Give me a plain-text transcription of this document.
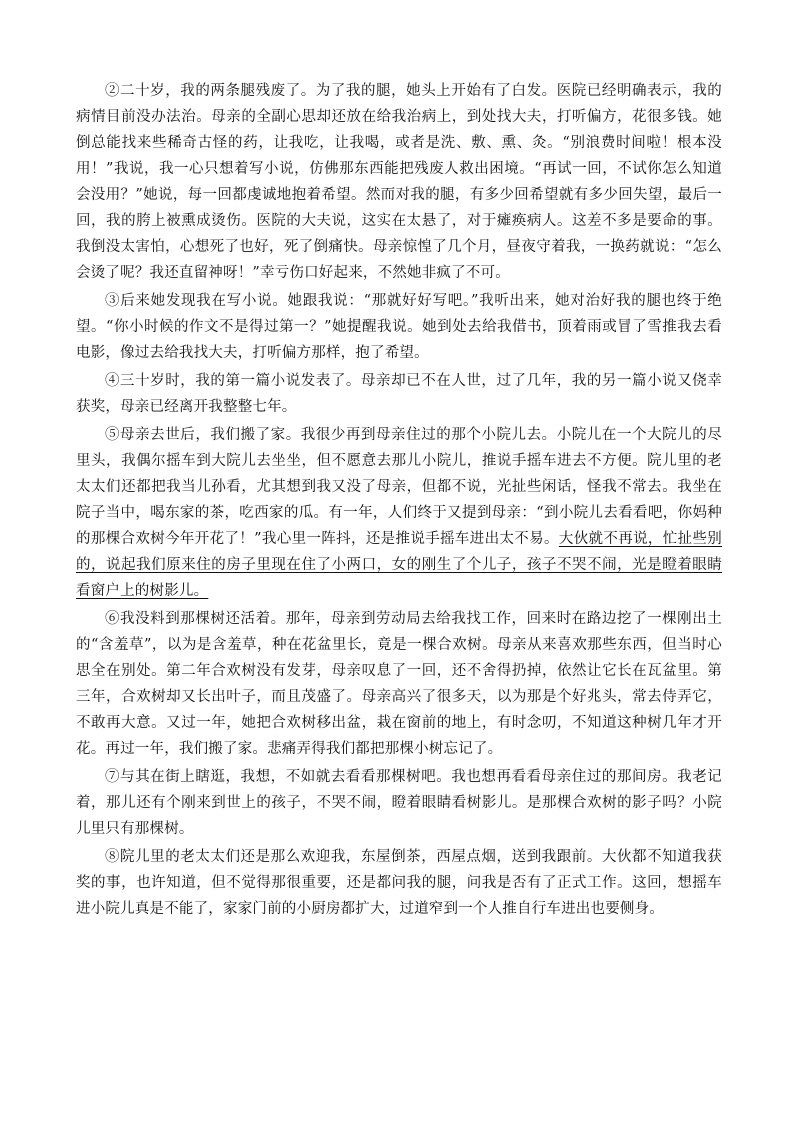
②二十岁，我的两条腿残废了。为了我的腿，她头上开始有了白发。医院已经明确表示，我的病情目前没办法治。母亲的全副心思却还放在给我治病上，到处找大夫，打听偏方，花很多钱。她倒总能找来些稀奇古怪的药，让我吃，让我喝，或者是洗、敷、熏、灸。“别浪费时间啦！根本没用！”我说，我一心只想着写小说，仿佛那东西能把残废人救出困境。“再试一回，不试你怎么知道会没用？”她说，每一回都虔诚地抱着希望。然而对我的腿，有多少回希望就有多少回失望，最后一回，我的胯上被熏成烫伤。医院的大夫说，这实在太悬了，对于瘫痪病人。这差不多是要命的事。我倒没太害怕，心想死了也好，死了倒痛快。母亲惊惶了几个月，昼夜守着我，一换药就说：“怎么会烫了呢？我还直留神呀！”幸亏伤口好起来，不然她非疯了不可。

③后来她发现我在写小说。她跟我说：“那就好好写吧。”我听出来，她对治好我的腿也终于绝望。“你小时候的作文不是得过第一？”她提醒我说。她到处去给我借书，顶着雨或冒了雪推我去看电影，像过去给我找大夫，打听偏方那样，抱了希望。

④三十岁时，我的第一篇小说发表了。母亲却已不在人世，过了几年，我的另一篇小说又侥幸获奖，母亲已经离开我整整七年。

⑤母亲去世后，我们搬了家。我很少再到母亲住过的那个小院儿去。小院儿在一个大院儿的尽里头，我偶尔摇车到大院儿去坐坐，但不愿意去那儿小院儿，推说手摇车进去不方便。院儿里的老太太们还都把我当儿孙看，尤其想到我又没了母亲，但都不说，光扯些闲话，怪我不常去。我坐在院子当中，喝东家的茶，吃西家的瓜。有一年，人们终于又提到母亲：“到小院儿去看看吧，你妈种的那棵合欢树今年开花了！”我心里一阵抖，还是推说手摇车进出太不易。大伙就不再说，忙扯些别的，说起我们原来住的房子里现在住了小两口，女的刚生了个儿子，孩子不哭不闹，光是瞪着眼睛看窗户上的树影儿。

⑥我没料到那棵树还活着。那年，母亲到劳动局去给我找工作，回来时在路边挖了一棵刚出土的“含羞草”，以为是含羞草，种在花盆里长，竟是一棵合欢树。母亲从来喜欢那些东西，但当时心思全在别处。第二年合欢树没有发芽，母亲叹息了一回，还不舍得扔掉，依然让它长在瓦盆里。第三年，合欢树却又长出叶子，而且茂盛了。母亲高兴了很多天，以为那是个好兆头，常去侍弄它，不敢再大意。又过一年，她把合欢树移出盆，栽在窗前的地上，有时念叨，不知道这种树几年才开花。再过一年，我们搬了家。悲痛弄得我们都把那棵小树忘记了。

⑦与其在街上瞎逛，我想，不如就去看看那棵树吧。我也想再看看母亲住过的那间房。我老记着，那儿还有个刚来到世上的孩子，不哭不闹，瞪着眼睛看树影儿。是那棵合欢树的影子吗？小院儿里只有那棵树。

⑧院儿里的老太太们还是那么欢迎我，东屋倒茶，西屋点烟，送到我跟前。大伙都不知道我获奖的事，也许知道，但不觉得那很重要，还是都问我的腿，问我是否有了正式工作。这回，想摇车进小院儿真是不能了，家家门前的小厨房都扩大，过道窄到一个人推自行车进出也要侧身。
